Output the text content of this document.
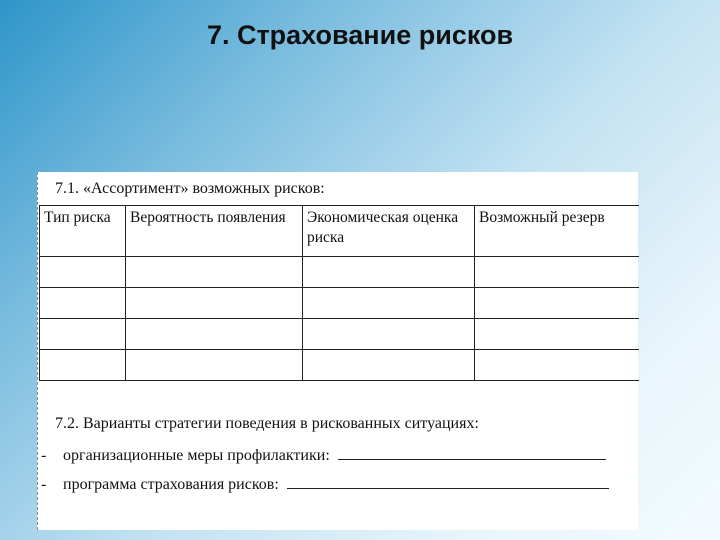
7. Страхование рисков
7.1. «Ассортимент» возможных рисков:
Тип риска	Вероятность появления	Экономическая оценка риска	Возможный резерв

7.2. Варианты стратегии поведения в рискованных ситуациях:
-	организационные меры профилактики:
-	программа страхования рисков:
